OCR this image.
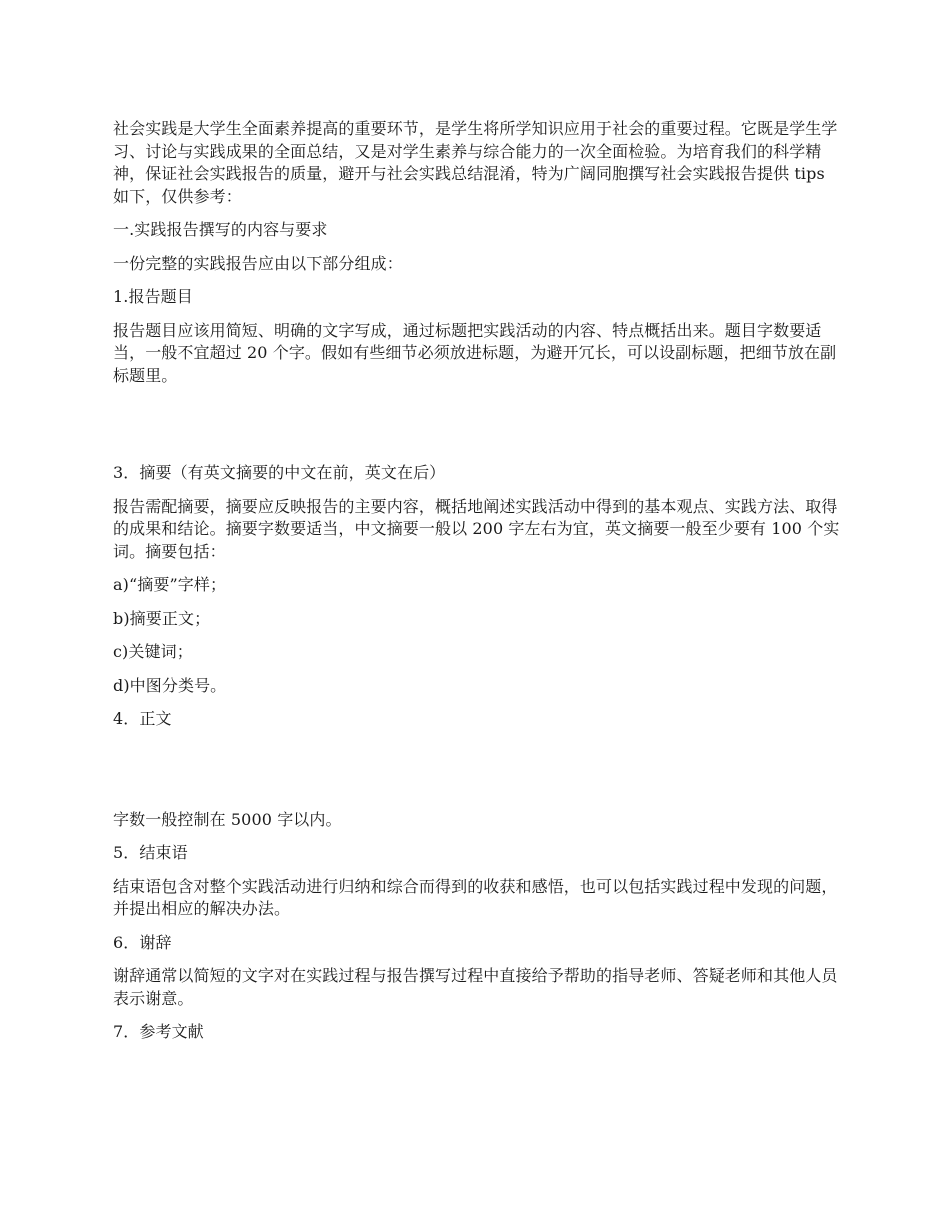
社会实践是大学生全面素养提高的重要环节，是学生将所学知识应用于社会的重要过程。它既是学生学习、讨论与实践成果的全面总结，又是对学生素养与综合能力的一次全面检验。为培育我们的科学精神，保证社会实践报告的质量，避开与社会实践总结混淆，特为广阔同胞撰写社会实践报告提供 tips 如下，仅供参考：

一.实践报告撰写的内容与要求

一份完整的实践报告应由以下部分组成：

1.报告题目

报告题目应该用简短、明确的文字写成，通过标题把实践活动的内容、特点概括出来。题目字数要适当，一般不宜超过 20 个字。假如有些细节必须放进标题，为避开冗长，可以设副标题，把细节放在副标题里。

3．摘要（有英文摘要的中文在前，英文在后）

报告需配摘要，摘要应反映报告的主要内容，概括地阐述实践活动中得到的基本观点、实践方法、取得的成果和结论。摘要字数要适当，中文摘要一般以 200 字左右为宜，英文摘要一般至少要有 100 个实词。摘要包括：

a)“摘要”字样；

b)摘要正文；

c)关键词；

d)中图分类号。

4．正文

字数一般控制在 5000 字以内。

5．结束语

结束语包含对整个实践活动进行归纳和综合而得到的收获和感悟，也可以包括实践过程中发现的问题，并提出相应的解决办法。

6．谢辞

谢辞通常以简短的文字对在实践过程与报告撰写过程中直接给予帮助的指导老师、答疑老师和其他人员表示谢意。

7．参考文献
